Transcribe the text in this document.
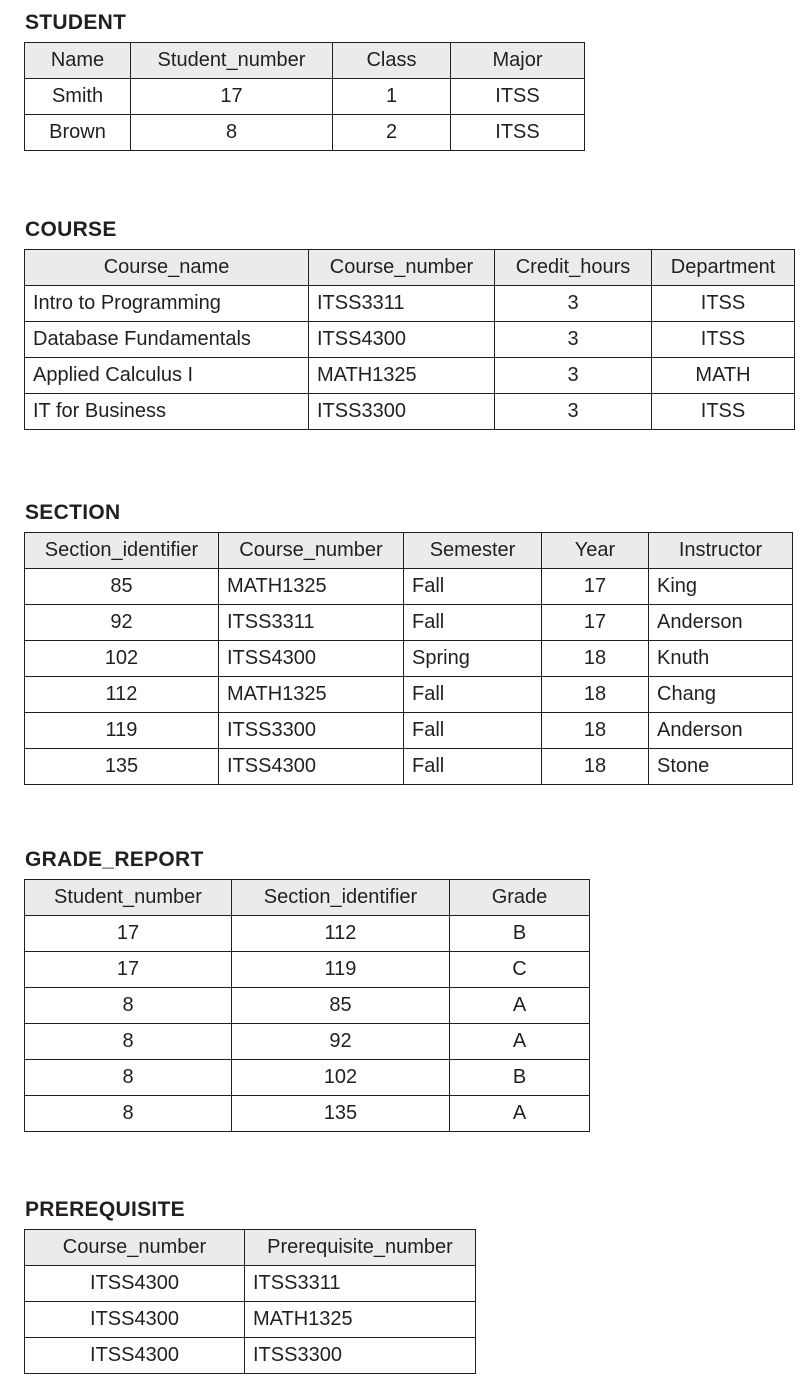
STUDENT
Name	Student_number	Class	Major
Smith	17	1	ITSS
Brown	8	2	ITSS
COURSE
Course_name	Course_number	Credit_hours	Department
Intro to Programming	ITSS3311	3	ITSS
Database Fundamentals	ITSS4300	3	ITSS
Applied Calculus I	MATH1325	3	MATH
IT for Business	ITSS3300	3	ITSS
SECTION
Section_identifier	Course_number	Semester	Year	Instructor
85	MATH1325	Fall	17	King
92	ITSS3311	Fall	17	Anderson
102	ITSS4300	Spring	18	Knuth
112	MATH1325	Fall	18	Chang
119	ITSS3300	Fall	18	Anderson
135	ITSS4300	Fall	18	Stone
GRADE_REPORT
Student_number	Section_identifier	Grade
17	112	B
17	119	C
8	85	A
8	92	A
8	102	B
8	135	A
PREREQUISITE
Course_number	Prerequisite_number
ITSS4300	ITSS3311
ITSS4300	MATH1325
ITSS4300	ITSS3300
